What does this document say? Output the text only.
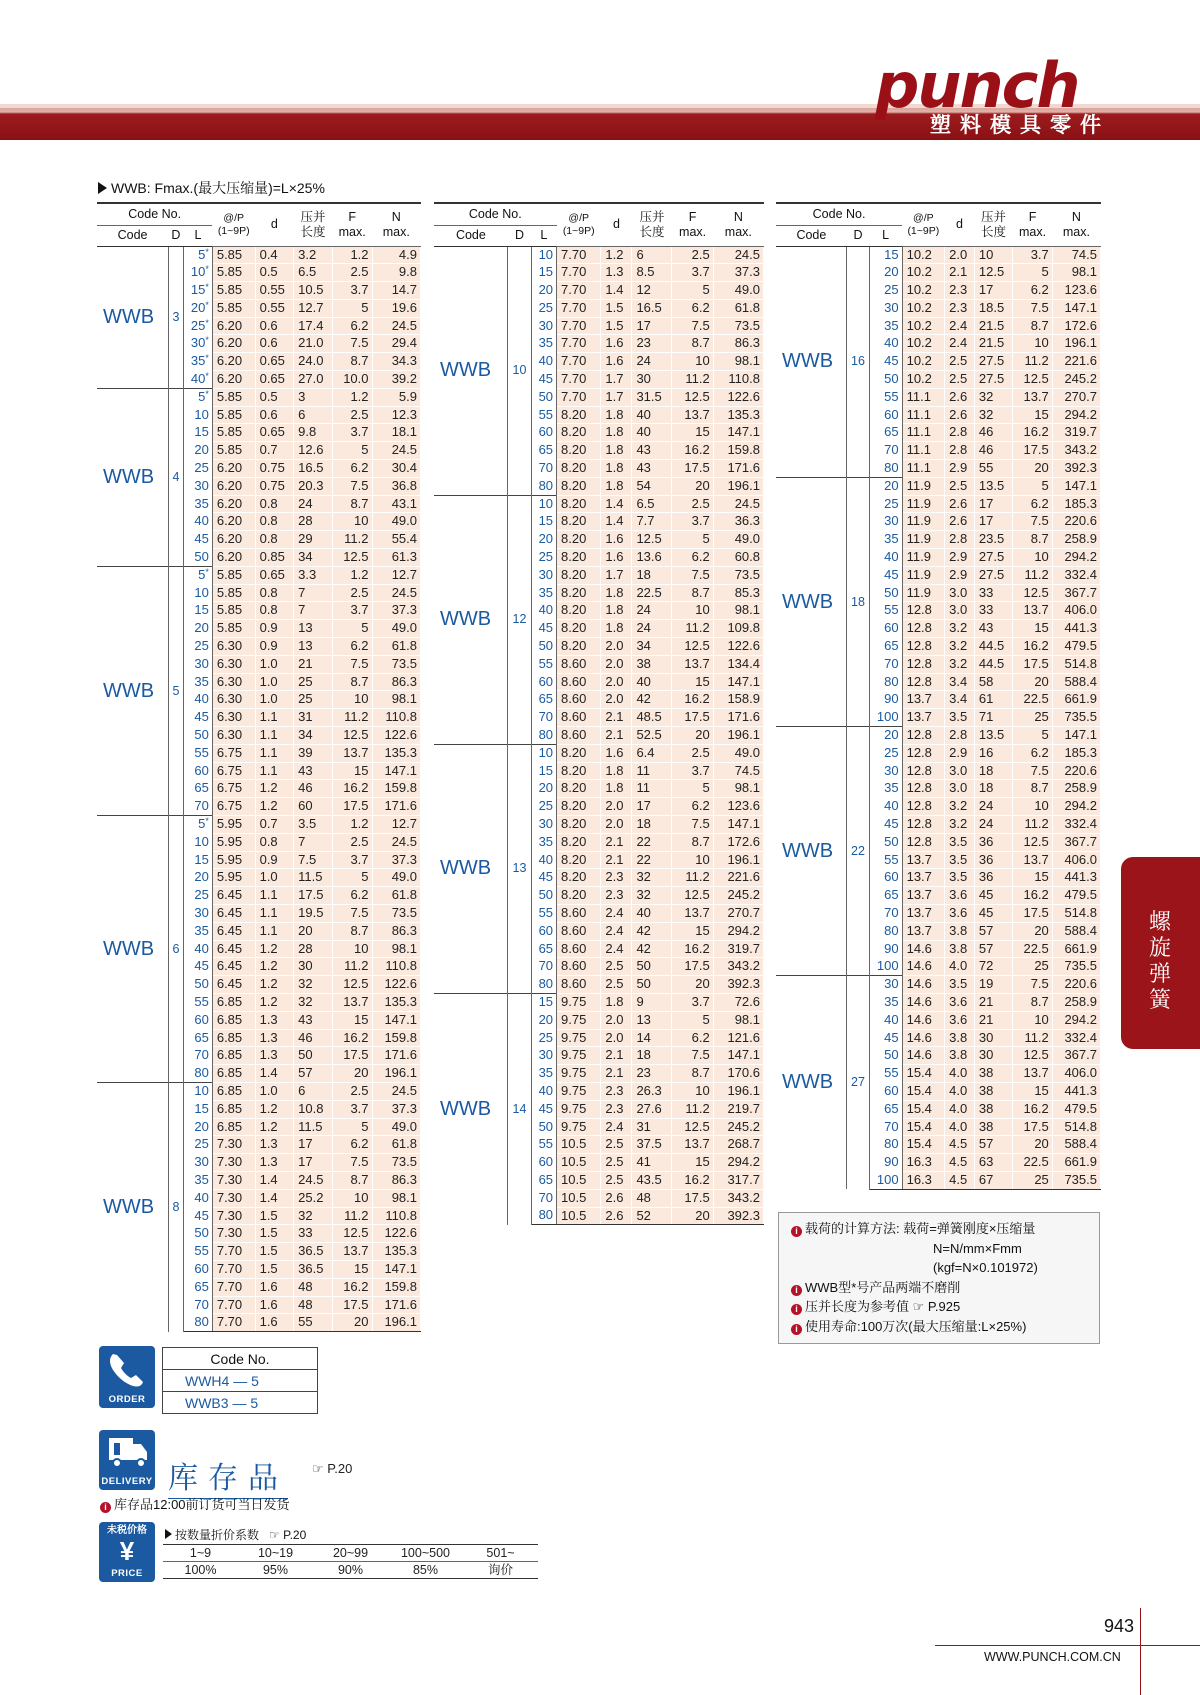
punch
塑料模具零件
WWB: Fmax.(最大压缩量)=L×25%
Code No.			@/P
(1~9P)	d	压并
长度	F
max.	N
max.
Code	D	L					
WWB	3	5*	5.85	0.4	3.2	1.2	4.9
		10*	5.85	0.5	6.5	2.5	9.8
		15*	5.85	0.55	10.5	3.7	14.7
		20*	5.85	0.55	12.7	5	19.6
		25*	6.20	0.6	17.4	6.2	24.5
		30*	6.20	0.6	21.0	7.5	29.4
		35*	6.20	0.65	24.0	8.7	34.3
		40*	6.20	0.65	27.0	10.0	39.2
WWB	4	5*	5.85	0.5	3	1.2	5.9
		10	5.85	0.6	6	2.5	12.3
		15	5.85	0.65	9.8	3.7	18.1
		20	5.85	0.7	12.6	5	24.5
		25	6.20	0.75	16.5	6.2	30.4
		30	6.20	0.75	20.3	7.5	36.8
		35	6.20	0.8	24	8.7	43.1
		40	6.20	0.8	28	10	49.0
		45	6.20	0.8	29	11.2	55.4
		50	6.20	0.85	34	12.5	61.3
WWB	5	5*	5.85	0.65	3.3	1.2	12.7
		10	5.85	0.8	7	2.5	24.5
		15	5.85	0.8	7	3.7	37.3
		20	5.85	0.9	13	5	49.0
		25	6.30	0.9	13	6.2	61.8
		30	6.30	1.0	21	7.5	73.5
		35	6.30	1.0	25	8.7	86.3
		40	6.30	1.0	25	10	98.1
		45	6.30	1.1	31	11.2	110.8
		50	6.30	1.1	34	12.5	122.6
		55	6.75	1.1	39	13.7	135.3
		60	6.75	1.1	43	15	147.1
		65	6.75	1.2	46	16.2	159.8
		70	6.75	1.2	60	17.5	171.6
WWB	6	5*	5.95	0.7	3.5	1.2	12.7
		10	5.95	0.8	7	2.5	24.5
		15	5.95	0.9	7.5	3.7	37.3
		20	5.95	1.0	11.5	5	49.0
		25	6.45	1.1	17.5	6.2	61.8
		30	6.45	1.1	19.5	7.5	73.5
		35	6.45	1.1	20	8.7	86.3
		40	6.45	1.2	28	10	98.1
		45	6.45	1.2	30	11.2	110.8
		50	6.45	1.2	32	12.5	122.6
		55	6.85	1.2	32	13.7	135.3
		60	6.85	1.3	43	15	147.1
		65	6.85	1.3	46	16.2	159.8
		70	6.85	1.3	50	17.5	171.6
		80	6.85	1.4	57	20	196.1
WWB	8	10	6.85	1.0	6	2.5	24.5
		15	6.85	1.2	10.8	3.7	37.3
		20	6.85	1.2	11.5	5	49.0
		25	7.30	1.3	17	6.2	61.8
		30	7.30	1.3	17	7.5	73.5
		35	7.30	1.4	24.5	8.7	86.3
		40	7.30	1.4	25.2	10	98.1
		45	7.30	1.5	32	11.2	110.8
		50	7.30	1.5	33	12.5	122.6
		55	7.70	1.5	36.5	13.7	135.3
		60	7.70	1.5	36.5	15	147.1
		65	7.70	1.6	48	16.2	159.8
		70	7.70	1.6	48	17.5	171.6
		80	7.70	1.6	55	20	196.1
Code No.			@/P
(1~9P)	d	压并
长度	F
max.	N
max.
Code	D	L					
WWB	10	10	7.70	1.2	6	2.5	24.5
		15	7.70	1.3	8.5	3.7	37.3
		20	7.70	1.4	12	5	49.0
		25	7.70	1.5	16.5	6.2	61.8
		30	7.70	1.5	17	7.5	73.5
		35	7.70	1.6	23	8.7	86.3
		40	7.70	1.6	24	10	98.1
		45	7.70	1.7	30	11.2	110.8
		50	7.70	1.7	31.5	12.5	122.6
		55	8.20	1.8	40	13.7	135.3
		60	8.20	1.8	40	15	147.1
		65	8.20	1.8	43	16.2	159.8
		70	8.20	1.8	43	17.5	171.6
		80	8.20	1.8	54	20	196.1
WWB	12	10	8.20	1.4	6.5	2.5	24.5
		15	8.20	1.4	7.7	3.7	36.3
		20	8.20	1.6	12.5	5	49.0
		25	8.20	1.6	13.6	6.2	60.8
		30	8.20	1.7	18	7.5	73.5
		35	8.20	1.8	22.5	8.7	85.3
		40	8.20	1.8	24	10	98.1
		45	8.20	1.8	24	11.2	109.8
		50	8.20	2.0	34	12.5	122.6
		55	8.60	2.0	38	13.7	134.4
		60	8.60	2.0	40	15	147.1
		65	8.60	2.0	42	16.2	158.9
		70	8.60	2.1	48.5	17.5	171.6
		80	8.60	2.1	52.5	20	196.1
WWB	13	10	8.20	1.6	6.4	2.5	49.0
		15	8.20	1.8	11	3.7	74.5
		20	8.20	1.8	11	5	98.1
		25	8.20	2.0	17	6.2	123.6
		30	8.20	2.0	18	7.5	147.1
		35	8.20	2.1	22	8.7	172.6
		40	8.20	2.1	22	10	196.1
		45	8.20	2.3	32	11.2	221.6
		50	8.20	2.3	32	12.5	245.2
		55	8.60	2.4	40	13.7	270.7
		60	8.60	2.4	42	15	294.2
		65	8.60	2.4	42	16.2	319.7
		70	8.60	2.5	50	17.5	343.2
		80	8.60	2.5	50	20	392.3
WWB	14	15	9.75	1.8	9	3.7	72.6
		20	9.75	2.0	13	5	98.1
		25	9.75	2.0	14	6.2	121.6
		30	9.75	2.1	18	7.5	147.1
		35	9.75	2.1	23	8.7	170.6
		40	9.75	2.3	26.3	10	196.1
		45	9.75	2.3	27.6	11.2	219.7
		50	9.75	2.4	31	12.5	245.2
		55	10.5	2.5	37.5	13.7	268.7
		60	10.5	2.5	41	15	294.2
		65	10.5	2.5	43.5	16.2	317.7
		70	10.5	2.6	48	17.5	343.2
		80	10.5	2.6	52	20	392.3
Code No.			@/P
(1~9P)	d	压并
长度	F
max.	N
max.
Code	D	L					
WWB	16	15	10.2	2.0	10	3.7	74.5
		20	10.2	2.1	12.5	5	98.1
		25	10.2	2.3	17	6.2	123.6
		30	10.2	2.3	18.5	7.5	147.1
		35	10.2	2.4	21.5	8.7	172.6
		40	10.2	2.4	21.5	10	196.1
		45	10.2	2.5	27.5	11.2	221.6
		50	10.2	2.5	27.5	12.5	245.2
		55	11.1	2.6	32	13.7	270.7
		60	11.1	2.6	32	15	294.2
		65	11.1	2.8	46	16.2	319.7
		70	11.1	2.8	46	17.5	343.2
		80	11.1	2.9	55	20	392.3
WWB	18	20	11.9	2.5	13.5	5	147.1
		25	11.9	2.6	17	6.2	185.3
		30	11.9	2.6	17	7.5	220.6
		35	11.9	2.8	23.5	8.7	258.9
		40	11.9	2.9	27.5	10	294.2
		45	11.9	2.9	27.5	11.2	332.4
		50	11.9	3.0	33	12.5	367.7
		55	12.8	3.0	33	13.7	406.0
		60	12.8	3.2	43	15	441.3
		65	12.8	3.2	44.5	16.2	479.5
		70	12.8	3.2	44.5	17.5	514.8
		80	12.8	3.4	58	20	588.4
		90	13.7	3.4	61	22.5	661.9
		100	13.7	3.5	71	25	735.5
WWB	22	20	12.8	2.8	13.5	5	147.1
		25	12.8	2.9	16	6.2	185.3
		30	12.8	3.0	18	7.5	220.6
		35	12.8	3.0	18	8.7	258.9
		40	12.8	3.2	24	10	294.2
		45	12.8	3.2	24	11.2	332.4
		50	12.8	3.5	36	12.5	367.7
		55	13.7	3.5	36	13.7	406.0
		60	13.7	3.5	36	15	441.3
		65	13.7	3.6	45	16.2	479.5
		70	13.7	3.6	45	17.5	514.8
		80	13.7	3.8	57	20	588.4
		90	14.6	3.8	57	22.5	661.9
		100	14.6	4.0	72	25	735.5
WWB	27	30	14.6	3.5	19	7.5	220.6
		35	14.6	3.6	21	8.7	258.9
		40	14.6	3.6	21	10	294.2
		45	14.6	3.8	30	11.2	332.4
		50	14.6	3.8	30	12.5	367.7
		55	15.4	4.0	38	13.7	406.0
		60	15.4	4.0	38	15	441.3
		65	15.4	4.0	38	16.2	479.5
		70	15.4	4.0	38	17.5	514.8
		80	15.4	4.5	57	20	588.4
		90	16.3	4.5	63	22.5	661.9
		100	16.3	4.5	67	25	735.5
i 载荷的计算方法: 载荷=弹簧刚度×压缩量
N=N/mm×Fmm
(kgf=N×0.101972)
i WWB型*号产品两端不磨削
i 压并长度为参考值 ☞ P.925
i 使用寿命:100万次(最大压缩量:L×25%)
螺
旋
弹
簧
ORDER
Code No.
WWH4 — 5
WWB3 — 5
DELIVERY 库存品 ☞ P.20
i 库存品12:00前订货可当日发货
未税价格
¥
PRICE
按数量折价系数 ☞ P.20
1~9	10~19	20~99	100~500	501~
100%	95%	90%	85%	询价
943
WWW.PUNCH.COM.CN
